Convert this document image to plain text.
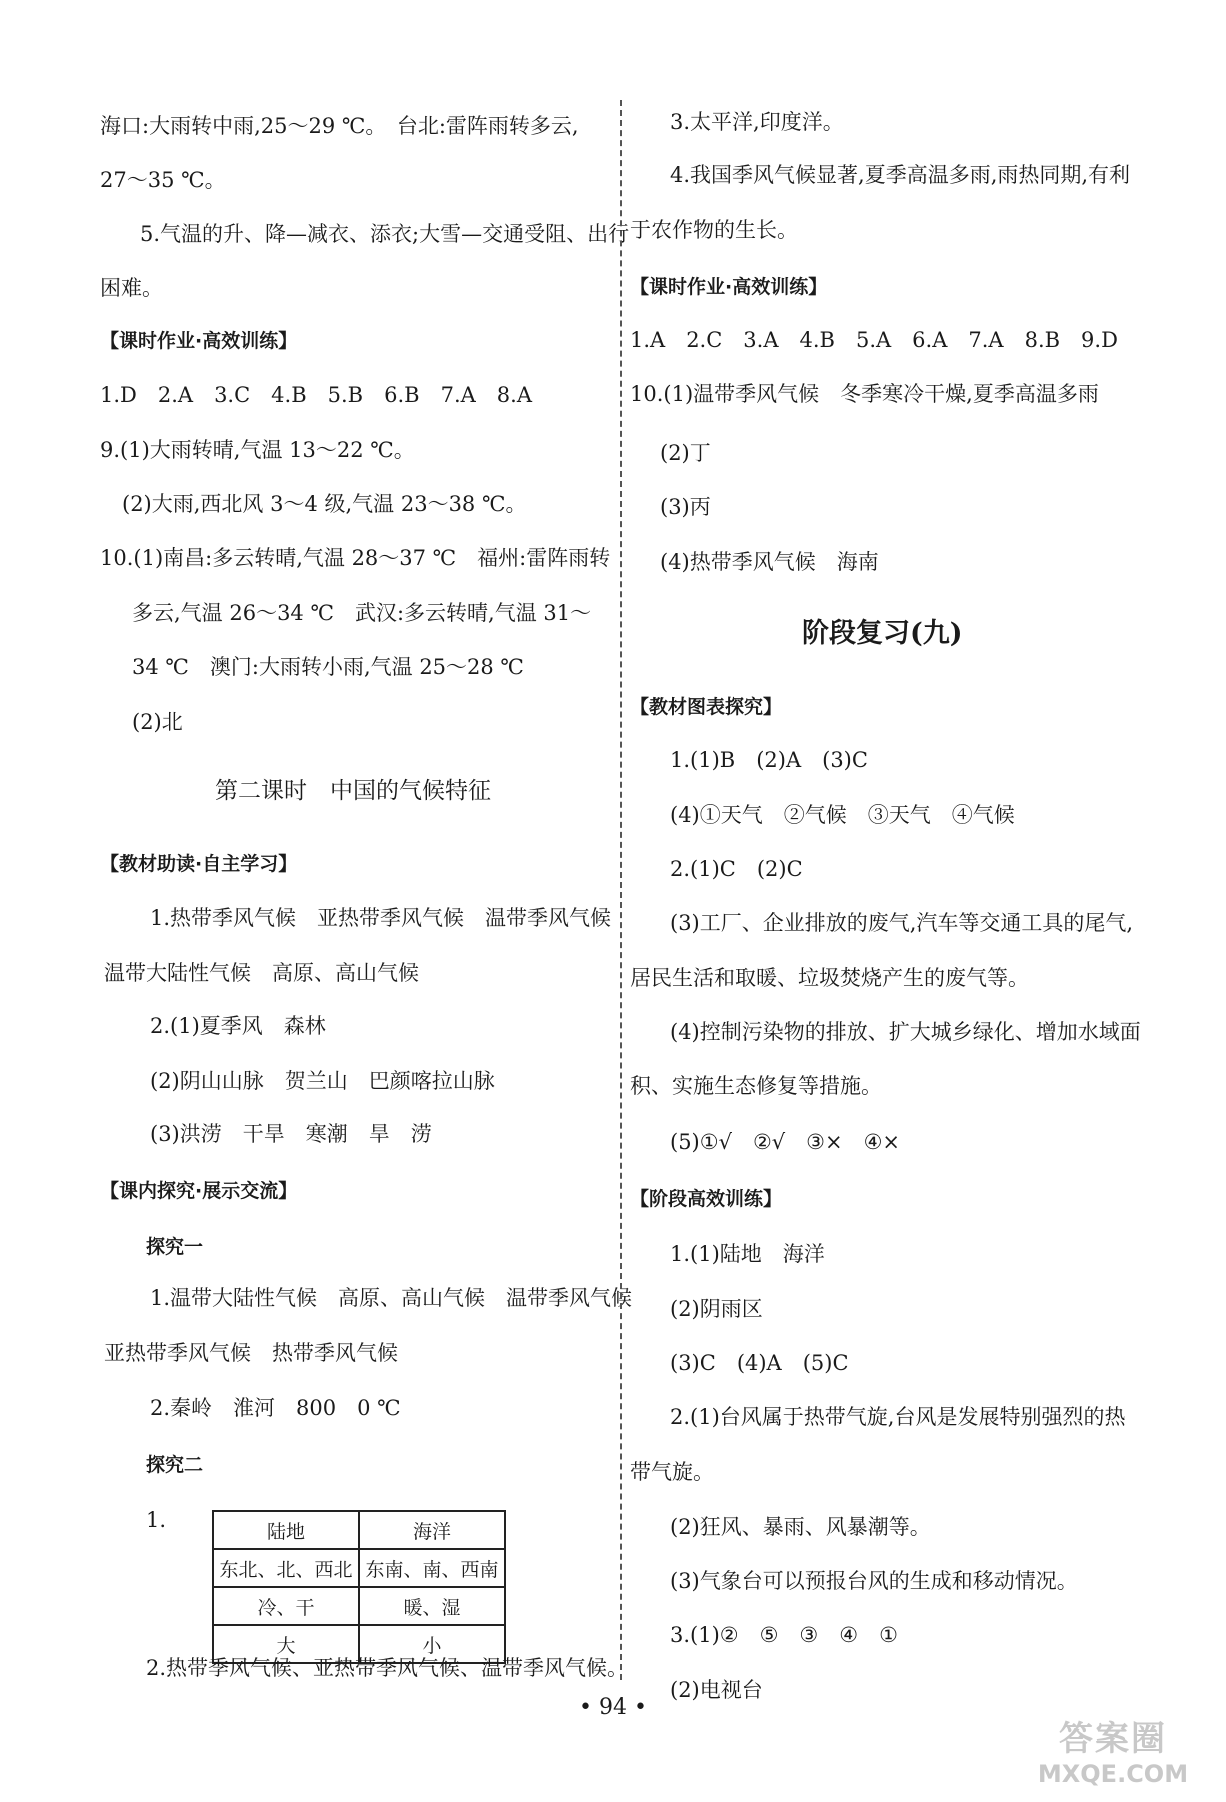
海口:大雨转中雨,25～29 ℃。　台北:雷阵雨转多云,
27～35 ℃。
5.气温的升、降—减衣、添衣;大雪—交通受阻、出行
困难。
【课时作业·高效训练】
1.D　2.A　3.C　4.B　5.B　6.B　7.A　8.A
9.(1)大雨转晴,气温 13～22 ℃。
(2)大雨,西北风 3～4 级,气温 23～38 ℃。
10.(1)南昌:多云转晴,气温 28～37 ℃　福州:雷阵雨转
多云,气温 26～34 ℃　武汉:多云转晴,气温 31～
34 ℃　澳门:大雨转小雨,气温 25～28 ℃
(2)北
第二课时　中国的气候特征
【教材助读·自主学习】
1.热带季风气候　亚热带季风气候　温带季风气候
温带大陆性气候　高原、高山气候
2.(1)夏季风　森林
(2)阴山山脉　贺兰山　巴颜喀拉山脉
(3)洪涝　干旱　寒潮　旱　涝
【课内探究·展示交流】
探究一
1.温带大陆性气候　高原、高山气候　温带季风气候
亚热带季风气候　热带季风气候
2.秦岭　淮河　800　0 ℃
探究二
1.	陆地	海洋
东北、北、西北	东南、南、西南
冷、干	暖、湿
大	小
2.热带季风气候、亚热带季风气候、温带季风气候。
3.太平洋,印度洋。
4.我国季风气候显著,夏季高温多雨,雨热同期,有利
于农作物的生长。
【课时作业·高效训练】
1.A　2.C　3.A　4.B　5.A　6.A　7.A　8.B　9.D
10.(1)温带季风气候　冬季寒冷干燥,夏季高温多雨
(2)丁
(3)丙
(4)热带季风气候　海南
阶段复习(九)
【教材图表探究】
1.(1)B　(2)A　(3)C
(4)①天气　②气候　③天气　④气候
2.(1)C　(2)C
(3)工厂、企业排放的废气,汽车等交通工具的尾气,
居民生活和取暖、垃圾焚烧产生的废气等。
(4)控制污染物的排放、扩大城乡绿化、增加水域面
积、实施生态修复等措施。
(5)①√　②√　③×　④×
【阶段高效训练】
1.(1)陆地　海洋
(2)阴雨区
(3)C　(4)A　(5)C
2.(1)台风属于热带气旋,台风是发展特别强烈的热
带气旋。
(2)狂风、暴雨、风暴潮等。
(3)气象台可以预报台风的生成和移动情况。
3.(1)②　⑤　③　④　①
(2)电视台
• 94 •
答案圈
MXQE.COM
